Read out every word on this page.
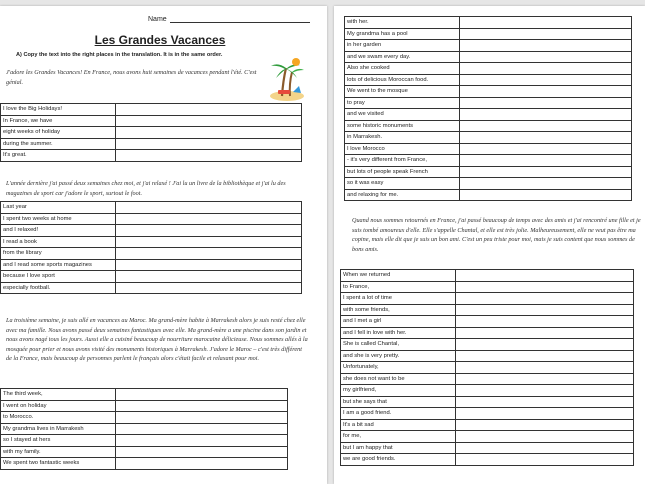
Name
Les Grandes Vacances
A) Copy the text into the right places in the translation. It is in the same order.
J'adore les Grandes Vacances! En France, nous avons huit semaines de vacances pendant l'été. C'est génial.
I love the Big Holidays!	
In France, we have	
eight weeks of holiday	
during the summer.	
It's great.	
L'année dernière j'ai passé deux semaines chez moi, et j'ai relaxé ! J'ai lu un livre de la bibliothèque et j'ai lu des magazines de sport car j'adore le sport, surtout le foot.
Last year	
I spent two weeks at home	
and I relaxed!	
I read a book	
from the library	
and I read some sports magazines	
because I love sport	
especially football.	
La troisième semaine, je suis allé en vacances au Maroc. Ma grand-mère habite à Marrakesh alors je suis resté chez elle avec ma famille. Nous avons passé deux semaines fantastiques avec elle. Ma grand-mère a une piscine dans son jardin et nous avons nagé tous les jours. Aussi elle a cuisiné beaucoup de nourriture marocaine délicieuse. Nous sommes allés à la mosquée pour prier et nous avons visité des monuments historiques à Marrakesh. J'adore le Maroc – c'est très différent de la France, mais beaucoup de personnes parlent le français alors c'était facile et relaxant pour moi.
The third week,	
I went on holiday	
to Morocco.	
My grandma lives in Marrakesh	
so I stayed at hers	
with my family.	
We spent two fantastic weeks	
with her.	
My grandma has a pool	
in her garden	
and we swam every day.	
Also she cooked	
lots of delicious Moroccan food.	
We went to the mosque	
to pray	
and we visited	
some historic monuments	
in Marrakesh.	
I love Morocco	
- it's very different from France,	
but lots of people speak French	
so it was easy	
and relaxing for me.	
Quand nous sommes retournés en France, j'ai passé beaucoup de temps avec des amis et j'ai rencontré une fille et je suis tombé amoureux d'elle. Elle s'appelle Chantal, et elle est très jolie. Malheureusement, elle ne veut pas être ma copine, mais elle dit que je suis un bon ami. C'est un peu triste pour moi, mais je suis content que nous sommes de bons amis.
When we returned	
to France,	
I spent a lot of time	
with some friends,	
and I met a girl	
and I fell in love with her.	
She is called Chantal,	
and she is very pretty.	
Unfortunately,	
she does not want to be	
my girlfriend,	
but she says that	
I am a good friend.	
It's a bit sad	
for me,	
but I am happy that	
we are good friends.	
